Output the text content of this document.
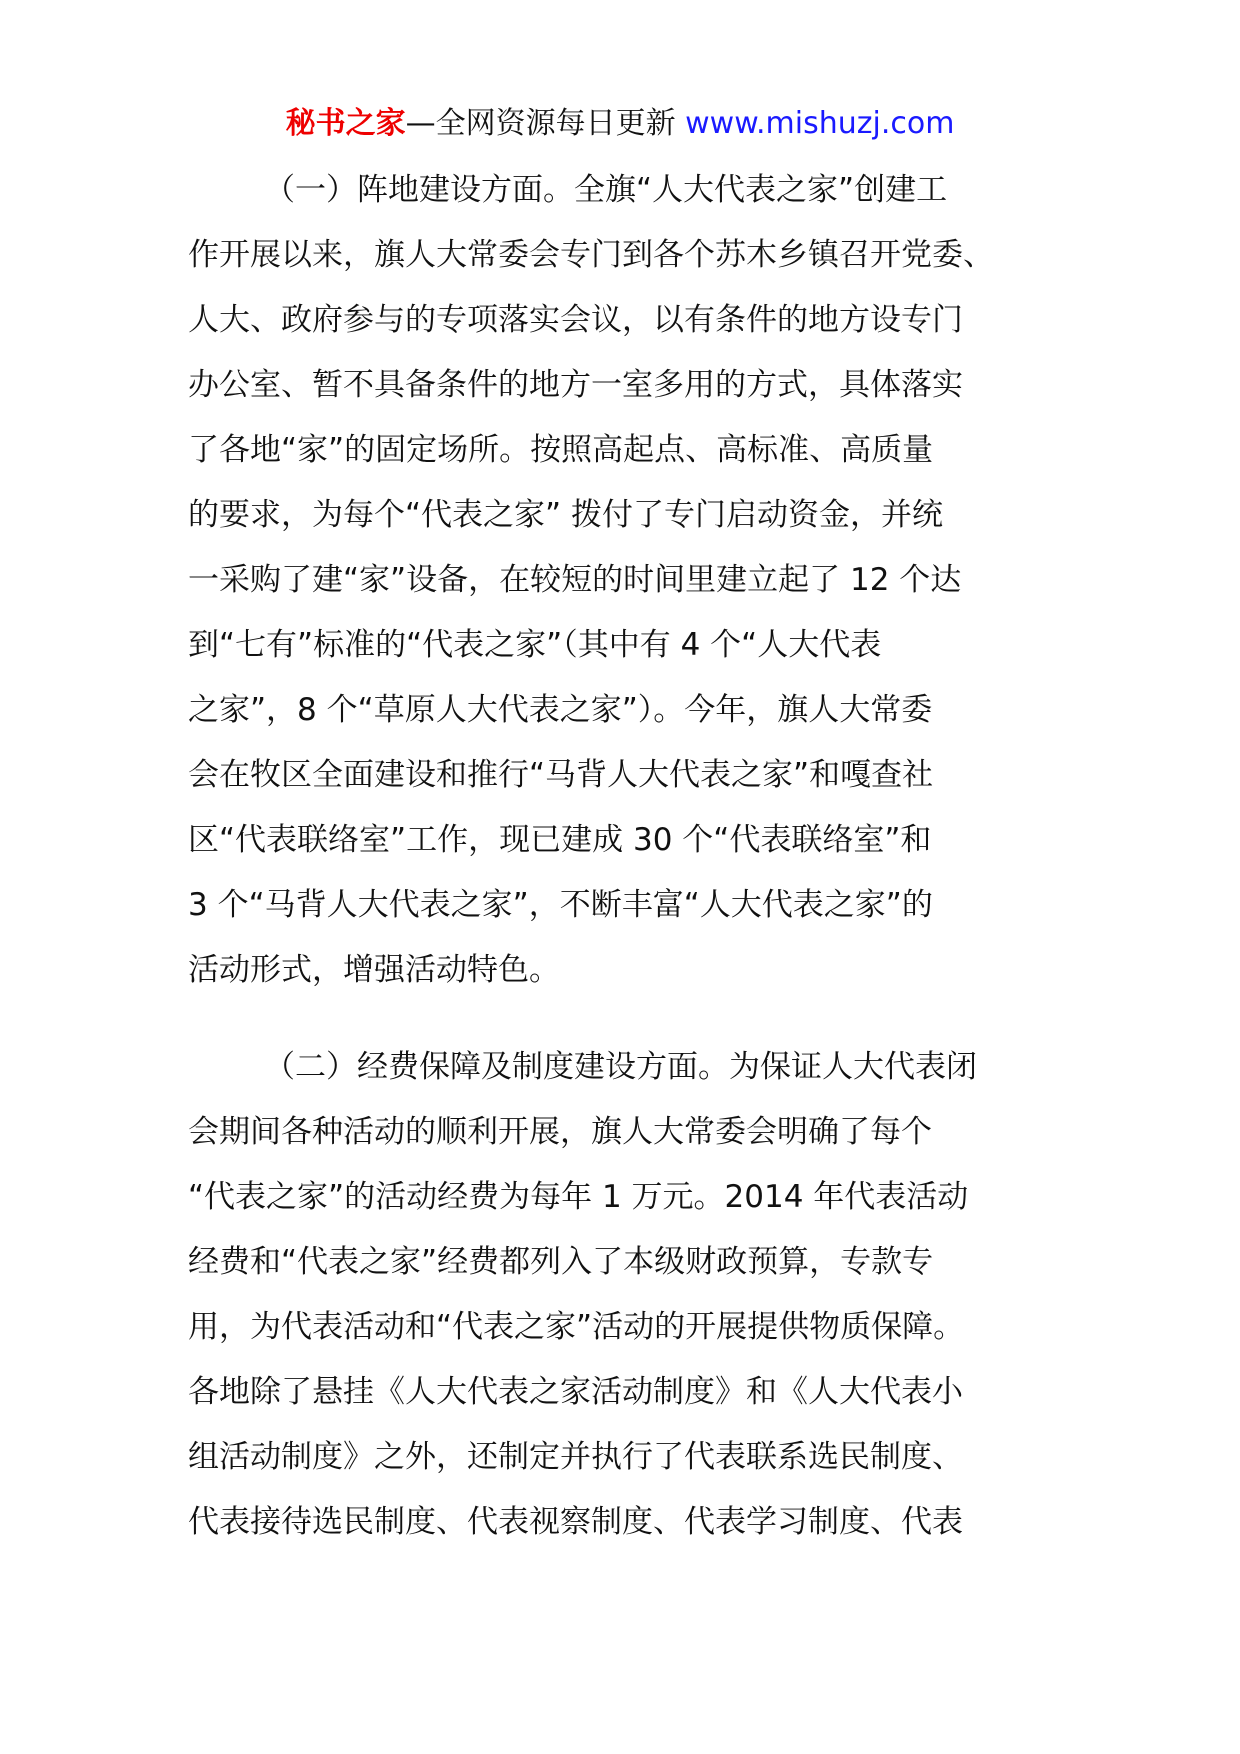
秘书之家—全网资源每日更新 www.mishuzj.com
（一）阵地建设方面。全旗“人大代表之家”创建工
作开展以来，旗人大常委会专门到各个苏木乡镇召开党委、
人大、政府参与的专项落实会议，以有条件的地方设专门
办公室、暂不具备条件的地方一室多用的方式，具体落实
了各地“家”的固定场所。按照高起点、高标准、高质量
的要求，为每个“代表之家” 拨付了专门启动资金，并统
一采购了建“家”设备，在较短的时间里建立起了 12 个达
到“七有”标准的“代表之家”（其中有 4 个“人大代表
之家”，8 个“草原人大代表之家”）。今年，旗人大常委
会在牧区全面建设和推行“马背人大代表之家”和嘎查社
区“代表联络室”工作，现已建成 30 个“代表联络室”和
3 个“马背人大代表之家”，不断丰富“人大代表之家”的
活动形式，增强活动特色。
（二）经费保障及制度建设方面。为保证人大代表闭
会期间各种活动的顺利开展，旗人大常委会明确了每个
“代表之家”的活动经费为每年 1 万元。2014 年代表活动
经费和“代表之家”经费都列入了本级财政预算，专款专
用，为代表活动和“代表之家”活动的开展提供物质保障。
各地除了悬挂《人大代表之家活动制度》和《人大代表小
组活动制度》之外，还制定并执行了代表联系选民制度、
代表接待选民制度、代表视察制度、代表学习制度、代表
